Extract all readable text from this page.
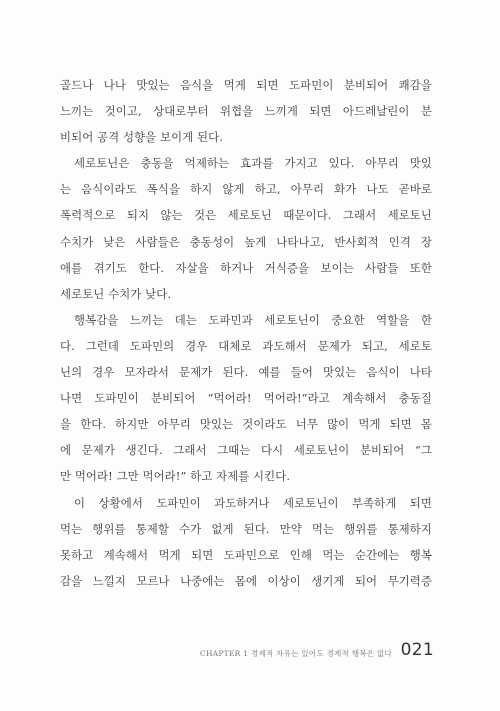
골드나 나나 맛있는 음식을 먹게 되면 도파민이 분비되어 쾌감을
느끼는 것이고, 상대로부터 위협을 느끼게 되면 아드레날린이 분
비되어 공격 성향을 보이게 된다.
세로토닌은 충동을 억제하는 효과를 가지고 있다. 아무리 맛있
는 음식이라도 폭식을 하지 않게 하고, 아무리 화가 나도 곧바로
폭력적으로 되지 않는 것은 세로토닌 때문이다. 그래서 세로토닌
수치가 낮은 사람들은 충동성이 높게 나타나고, 반사회적 인격 장
애를 겪기도 한다. 자살을 하거나 거식증을 보이는 사람들 또한
세로토닌 수치가 낮다.
행복감을 느끼는 데는 도파민과 세로토닌이 중요한 역할을 한
다. 그런데 도파민의 경우 대체로 과도해서 문제가 되고, 세로토
닌의 경우 모자라서 문제가 된다. 예를 들어 맛있는 음식이 나타
나면 도파민이 분비되어 “먹어라! 먹어라!”라고 계속해서 충동질
을 한다. 하지만 아무리 맛있는 것이라도 너무 많이 먹게 되면 몸
에 문제가 생긴다. 그래서 그때는 다시 세로토닌이 분비되어 “그
만 먹어라! 그만 먹어라!” 하고 자제를 시킨다.
이 상황에서 도파민이 과도하거나 세로토닌이 부족하게 되면
먹는 행위를 통제할 수가 없게 된다. 만약 먹는 행위를 통제하지
못하고 계속해서 먹게 되면 도파민으로 인해 먹는 순간에는 행복
감을 느낄지 모르나 나중에는 몸에 이상이 생기게 되어 무기력증
CHAPTER 1 경제적 자유는 있어도 경제적 행복은 없다 021
